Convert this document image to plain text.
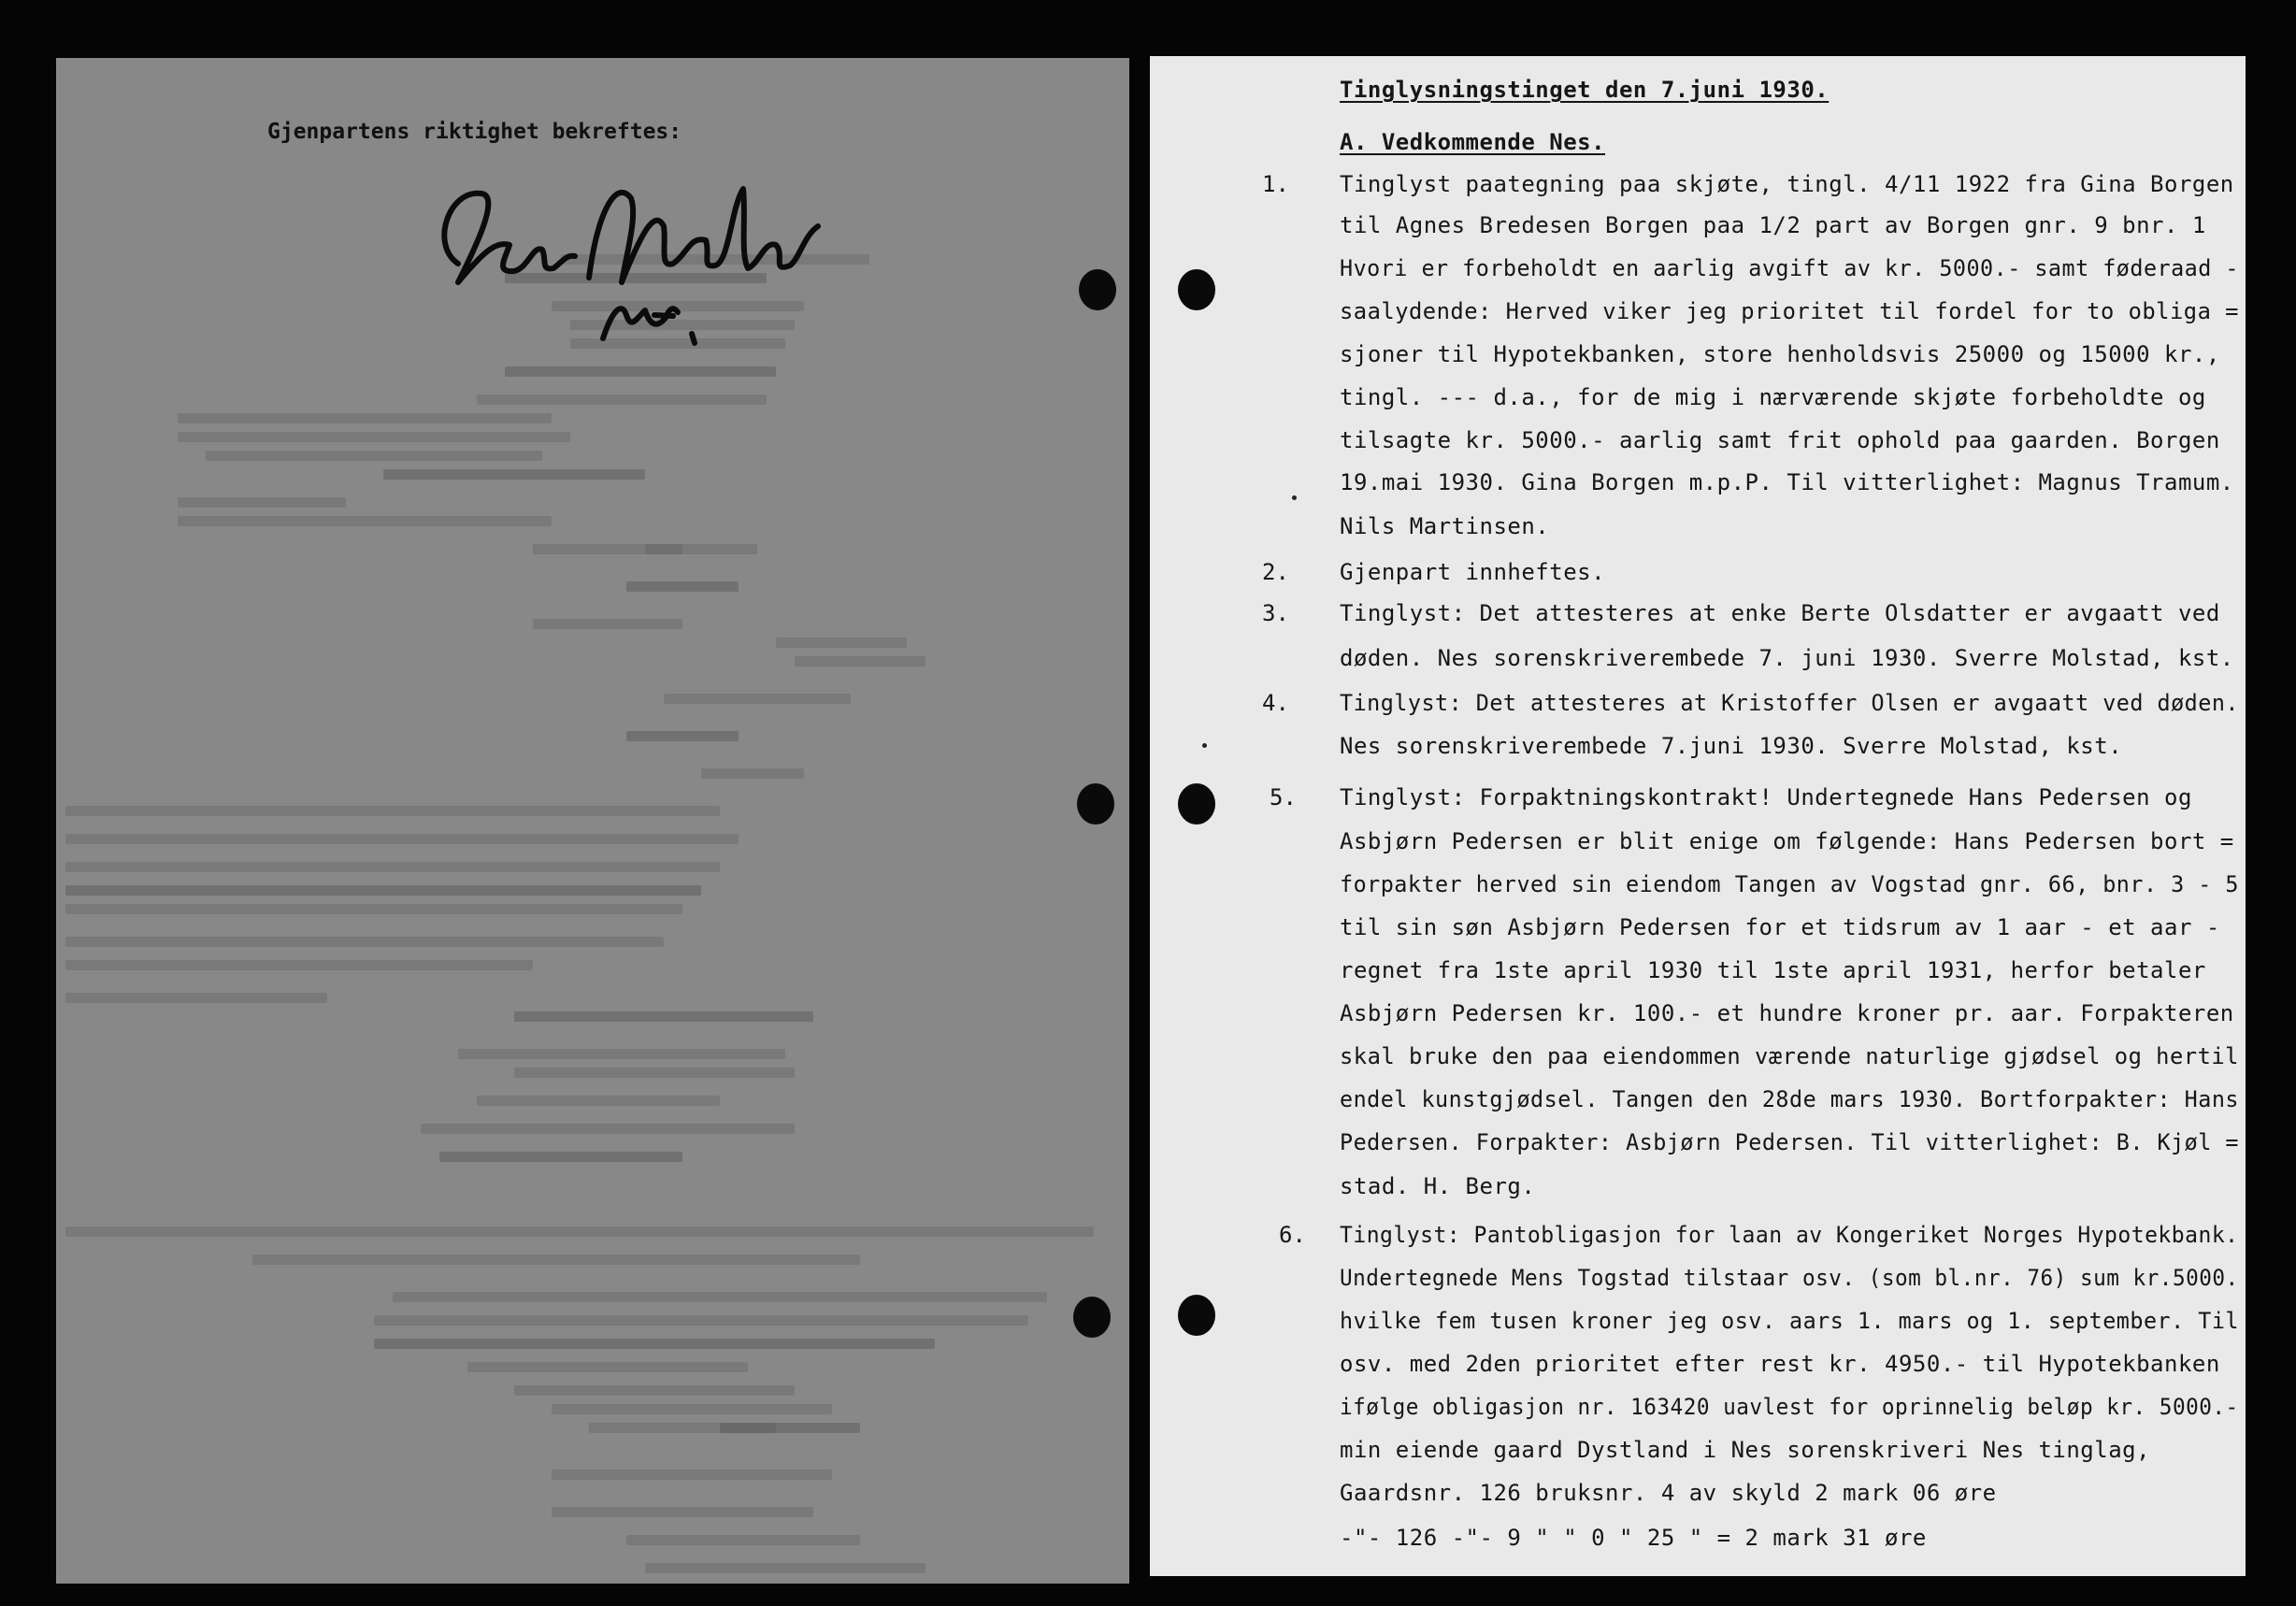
Gjenpartens riktighet bekreftes:
Tinglysningstinget den 7.juni 1930.
A. Vedkommende Nes.
1. Tinglyst paategning paa skjøte, tingl. 4/11 1922 fra Gina Borgen
til Agnes Bredesen Borgen paa 1/2 part av Borgen gnr. 9 bnr. 1
Hvori er forbeholdt en aarlig avgift av kr. 5000.- samt føderaad -
saalydende: Herved viker jeg prioritet til fordel for to obliga =
sjoner til Hypotekbanken, store henholdsvis 25000 og 15000 kr.,
tingl. --- d.a., for de mig i nærværende skjøte forbeholdte og
tilsagte kr. 5000.- aarlig samt frit ophold paa gaarden. Borgen
19.mai 1930. Gina Borgen m.p.P. Til vitterlighet: Magnus Tramum.
Nils Martinsen.
2. Gjenpart innheftes.
3. Tinglyst: Det attesteres at enke Berte Olsdatter er avgaatt ved
døden. Nes sorenskriverembede 7. juni 1930. Sverre Molstad, kst.
4. Tinglyst: Det attesteres at Kristoffer Olsen er avgaatt ved døden.
Nes sorenskriverembede 7.juni 1930. Sverre Molstad, kst.
5. Tinglyst: Forpaktningskontrakt! Undertegnede Hans Pedersen og
Asbjørn Pedersen er blit enige om følgende: Hans Pedersen bort =
forpakter herved sin eiendom Tangen av Vogstad gnr. 66, bnr. 3 - 5
til sin søn Asbjørn Pedersen for et tidsrum av 1 aar - et aar -
regnet fra 1ste april 1930 til 1ste april 1931, herfor betaler
Asbjørn Pedersen kr. 100.- et hundre kroner pr. aar. Forpakteren
skal bruke den paa eiendommen værende naturlige gjødsel og hertil
endel kunstgjødsel. Tangen den 28de mars 1930. Bortforpakter: Hans
Pedersen. Forpakter: Asbjørn Pedersen. Til vitterlighet: B. Kjøl =
stad. H. Berg.
6. Tinglyst: Pantobligasjon for laan av Kongeriket Norges Hypotekbank.
Undertegnede Mens Togstad tilstaar osv. (som bl.nr. 76) sum kr.5000.
hvilke fem tusen kroner jeg osv. aars 1. mars og 1. september. Til
osv. med 2den prioritet efter rest kr. 4950.- til Hypotekbanken
ifølge obligasjon nr. 163420 uavlest for oprinnelig beløp kr. 5000.-
min eiende gaard Dystland i Nes sorenskriveri Nes tinglag,
Gaardsnr. 126 bruksnr. 4 av skyld 2 mark 06 øre
-"- 126 -"- 9 " " 0 " 25 " = 2 mark 31 øre
